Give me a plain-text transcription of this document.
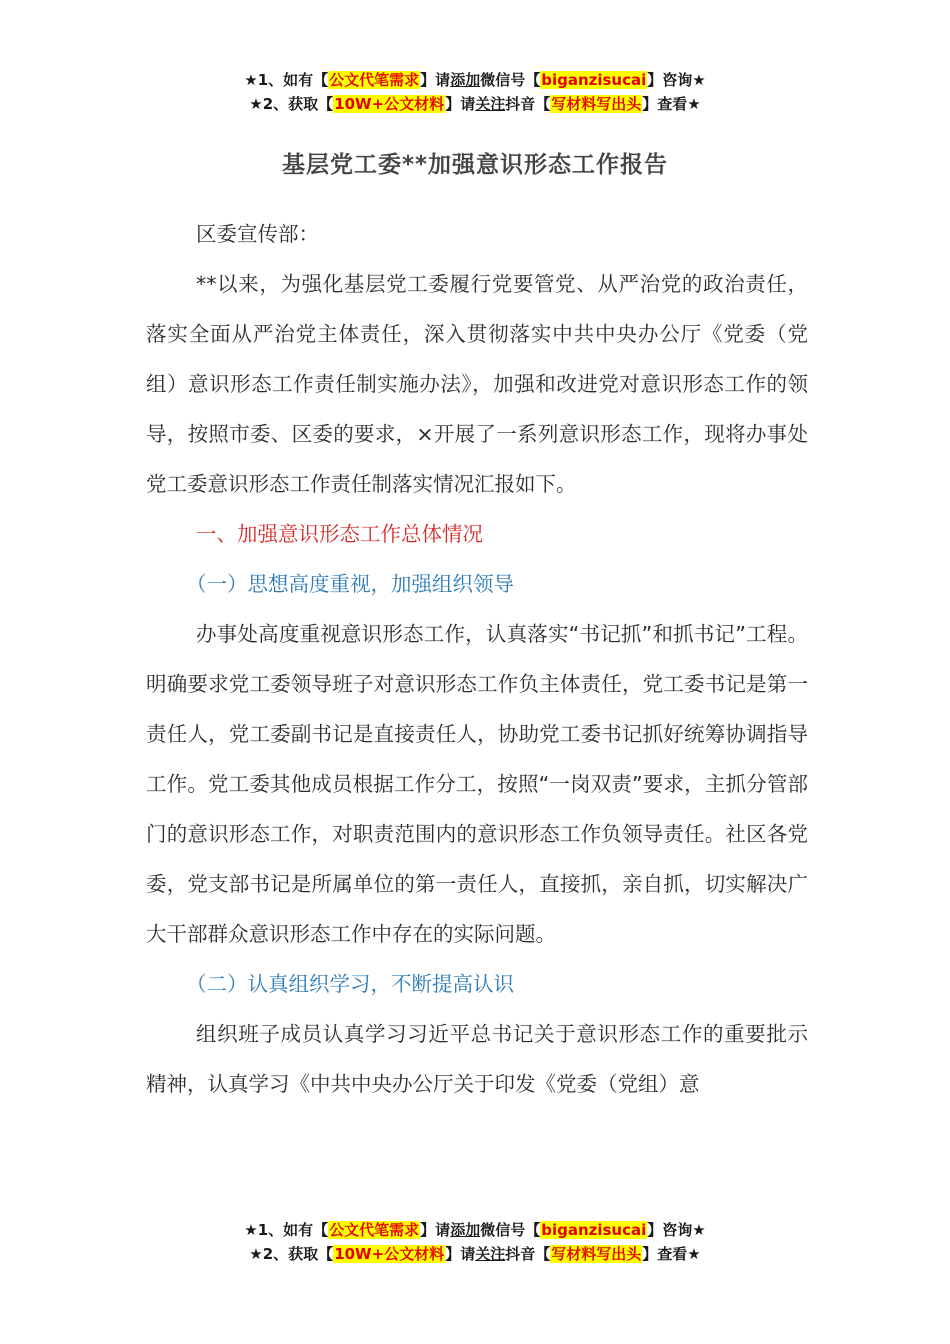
★1、如有【公文代笔需求】请添加微信号【biganzisucai】咨询★
★2、获取【10W+公文材料】请关注抖音【写材料写出头】查看★
基层党工委**加强意识形态工作报告
区委宣传部：

**以来，为强化基层党工委履行党要管党、从严治党的政治责任，落实全面从严治党主体责任，深入贯彻落实中共中央办公厅《党委（党组）意识形态工作责任制实施办法》，加强和改进党对意识形态工作的领导，按照市委、区委的要求，×开展了一系列意识形态工作，现将办事处党工委意识形态工作责任制落实情况汇报如下。

一、加强意识形态工作总体情况

（一）思想高度重视，加强组织领导

办事处高度重视意识形态工作，认真落实“书记抓”和抓书记”工程。明确要求党工委领导班子对意识形态工作负主体责任，党工委书记是第一责任人，党工委副书记是直接责任人，协助党工委书记抓好统筹协调指导工作。党工委其他成员根据工作分工，按照“一岗双责”要求，主抓分管部门的意识形态工作，对职责范围内的意识形态工作负领导责任。社区各党委，党支部书记是所属单位的第一责任人，直接抓，亲自抓，切实解决广大干部群众意识形态工作中存在的实际问题。

（二）认真组织学习，不断提高认识

组织班子成员认真学习习近平总书记关于意识形态工作的重要批示精神，认真学习《中共中央办公厅关于印发《党委（党组）意

★1、如有【公文代笔需求】请添加微信号【biganzisucai】咨询★
★2、获取【10W+公文材料】请关注抖音【写材料写出头】查看★
